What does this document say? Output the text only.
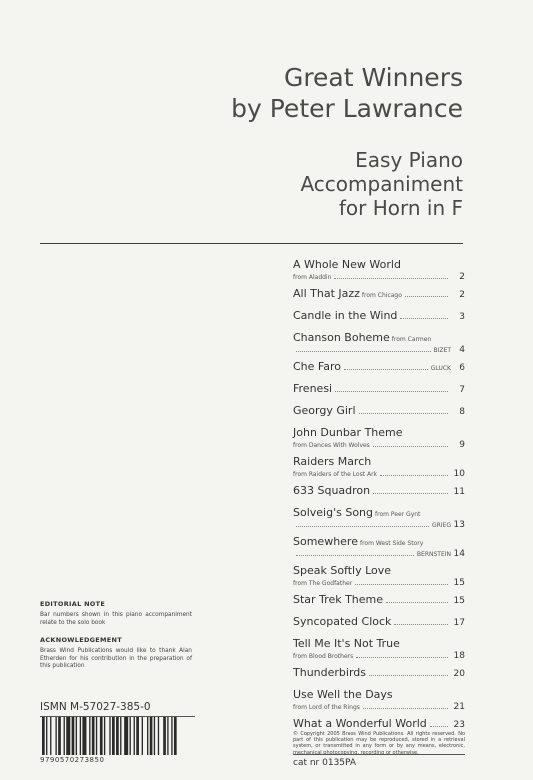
Great Winners
by Peter Lawrance
Easy Piano
Accompaniment
for Horn in F
A Whole New World
from Aladdin	2
All That Jazz from Chicago	2
Candle in the Wind	3
Chanson Boheme from Carmen
BIZET 4
Che Faro	GLUCK 6
Frenesi	7
Georgy Girl	8
John Dunbar Theme
from Dances With Wolves	9
Raiders March
from Raiders of the Lost Ark	10
633 Squadron	11
Solveig's Song from Peer Gynt
GRIEG 13
Somewhere from West Side Story
BERNSTEIN 14
Speak Softly Love
from The Godfather	15
Star Trek Theme	15
Syncopated Clock	17
Tell Me It's Not True
from Blood Brothers	18
Thunderbirds	20
Use Well the Days
from Lord of the Rings	21
What a Wonderful World	23
EDITORIAL NOTE
Bar numbers shown in this piano accompaniment relate to the solo book
ACKNOWLEDGEMENT
Brass Wind Publications would like to thank Alan Etherden for his contribution in the preparation of this publication
ISMN M-57027-385-0
9790570273850
© Copyright 2005 Brass Wind Publications. All rights reserved. No part of this publication may be reproduced, stored in a retrieval system, or transmitted in any form or by any means, electronic, mechanical photocopying, recording or otherwise.
cat nr 0135PA
